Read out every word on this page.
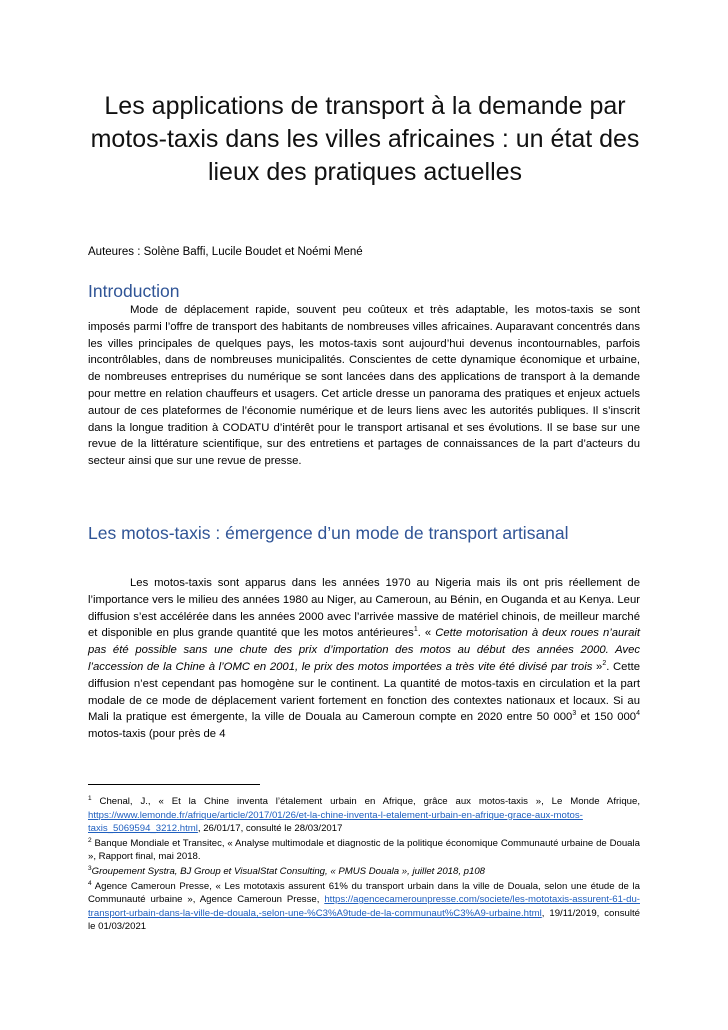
Les applications de transport à la demande par motos-taxis dans les villes africaines : un état des lieux des pratiques actuelles
Auteures : Solène Baffi, Lucile Boudet et Noémi Mené
Introduction

Mode de déplacement rapide, souvent peu coûteux et très adaptable, les motos-taxis se sont imposés parmi l’offre de transport des habitants de nombreuses villes africaines. Auparavant concentrés dans les villes principales de quelques pays, les motos-taxis sont aujourd’hui devenus incontournables, parfois incontrôlables, dans de nombreuses municipalités. Conscientes de cette dynamique économique et urbaine, de nombreuses entreprises du numérique se sont lancées dans des applications de transport à la demande pour mettre en relation chauffeurs et usagers. Cet article dresse un panorama des pratiques et enjeux actuels autour de ces plateformes de l’économie numérique et de leurs liens avec les autorités publiques. Il s’inscrit dans la longue tradition à CODATU d’intérêt pour le transport artisanal et ses évolutions. Il se base sur une revue de la littérature scientifique, sur des entretiens et partages de connaissances de la part d’acteurs du secteur ainsi que sur une revue de presse.

Les motos-taxis : émergence d’un mode de transport artisanal

Les motos-taxis sont apparus dans les années 1970 au Nigeria mais ils ont pris réellement de l’importance vers le milieu des années 1980 au Niger, au Cameroun, au Bénin, en Ouganda et au Kenya. Leur diffusion s’est accélérée dans les années 2000 avec l’arrivée massive de matériel chinois, de meilleur marché et disponible en plus grande quantité que les motos antérieures$^1$. « Cette motorisation à deux roues n’aurait pas été possible sans une chute des prix d’importation des motos au début des années 2000. Avec l’accession de la Chine à l’OMC en 2001, le prix des motos importées a très vite été divisé par trois »$^2$. Cette diffusion n’est cependant pas homogène sur le continent. La quantité de motos-taxis en circulation et la part modale de ce mode de déplacement varient fortement en fonction des contextes nationaux et locaux. Si au Mali la pratique est émergente, la ville de Douala au Cameroun compte en 2020 entre 50 $000^3$ et 150 $000^4$ motos-taxis (pour près de 4

$^1$ Chenal, J., « Et la Chine inventa l’étalement urbain en Afrique, grâce aux motos-taxis », Le Monde Afrique, https://www.lemonde.fr/afrique/article/2017/01/26/et-la-chine-inventa-l-etalement-urbain-en-afrique-grace-aux-motos-taxis_5069594_3212.html, 26/01/17, consulté le 28/03/2017

$^2$ Banque Mondiale et Transitec, « Analyse multimodale et diagnostic de la politique économique Communauté urbaine de Douala », Rapport final, mai 2018.

$^3$Groupement Systra, BJ Group et VisualStat Consulting, « PMUS Douala », juillet 2018, p108

$^4$ Agence Cameroun Presse, « Les mototaxis assurent 61% du transport urbain dans la ville de Douala, selon une étude de la Communauté urbaine », Agence Cameroun Presse, https://agencecamerounpresse.com/societe/les-mototaxis-assurent-61-du-transport-urbain-dans-la-ville-de-douala,-selon-une-%C3%A9tude-de-la-communaut%C3%A9-urbaine.html, 19/11/2019, consulté le 01/03/2021
